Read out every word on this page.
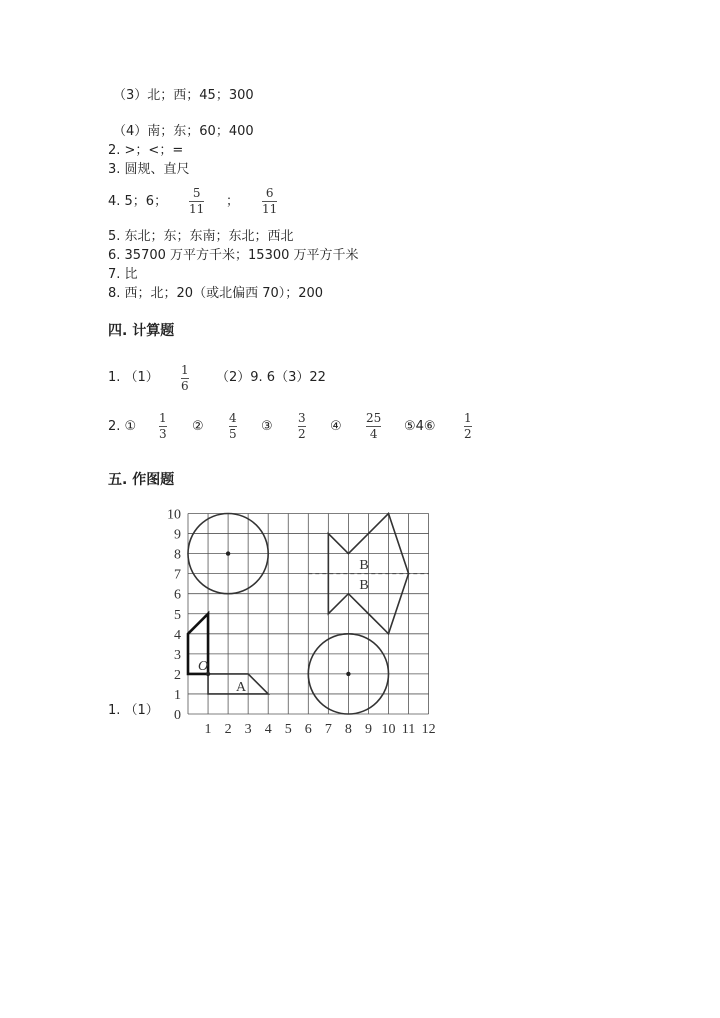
（3）北；西；45；300
（4）南；东；60；400
2. >；<；=
3. 圆规、直尺
4. 5；6；
5
11 ；
6
11
5. 东北；东；东南；东北；西北
6. 35700 万平方千米；15300 万平方千米
7. 比
8. 西；北；20（或北偏西 70）；200
四. 计算题
1. （1） 1
6
（2）9. 6（3）22
2. ①
1
3 ②
4
5 ③
3
2 ④
25
4 ⑤4⑥
1
2
五. 作图题
1. （1）
1 2 3 4 5 6 7 8 9 10 11 12
0
1
2
3
4
5
6
7
8
9
10
B
B
A
O
